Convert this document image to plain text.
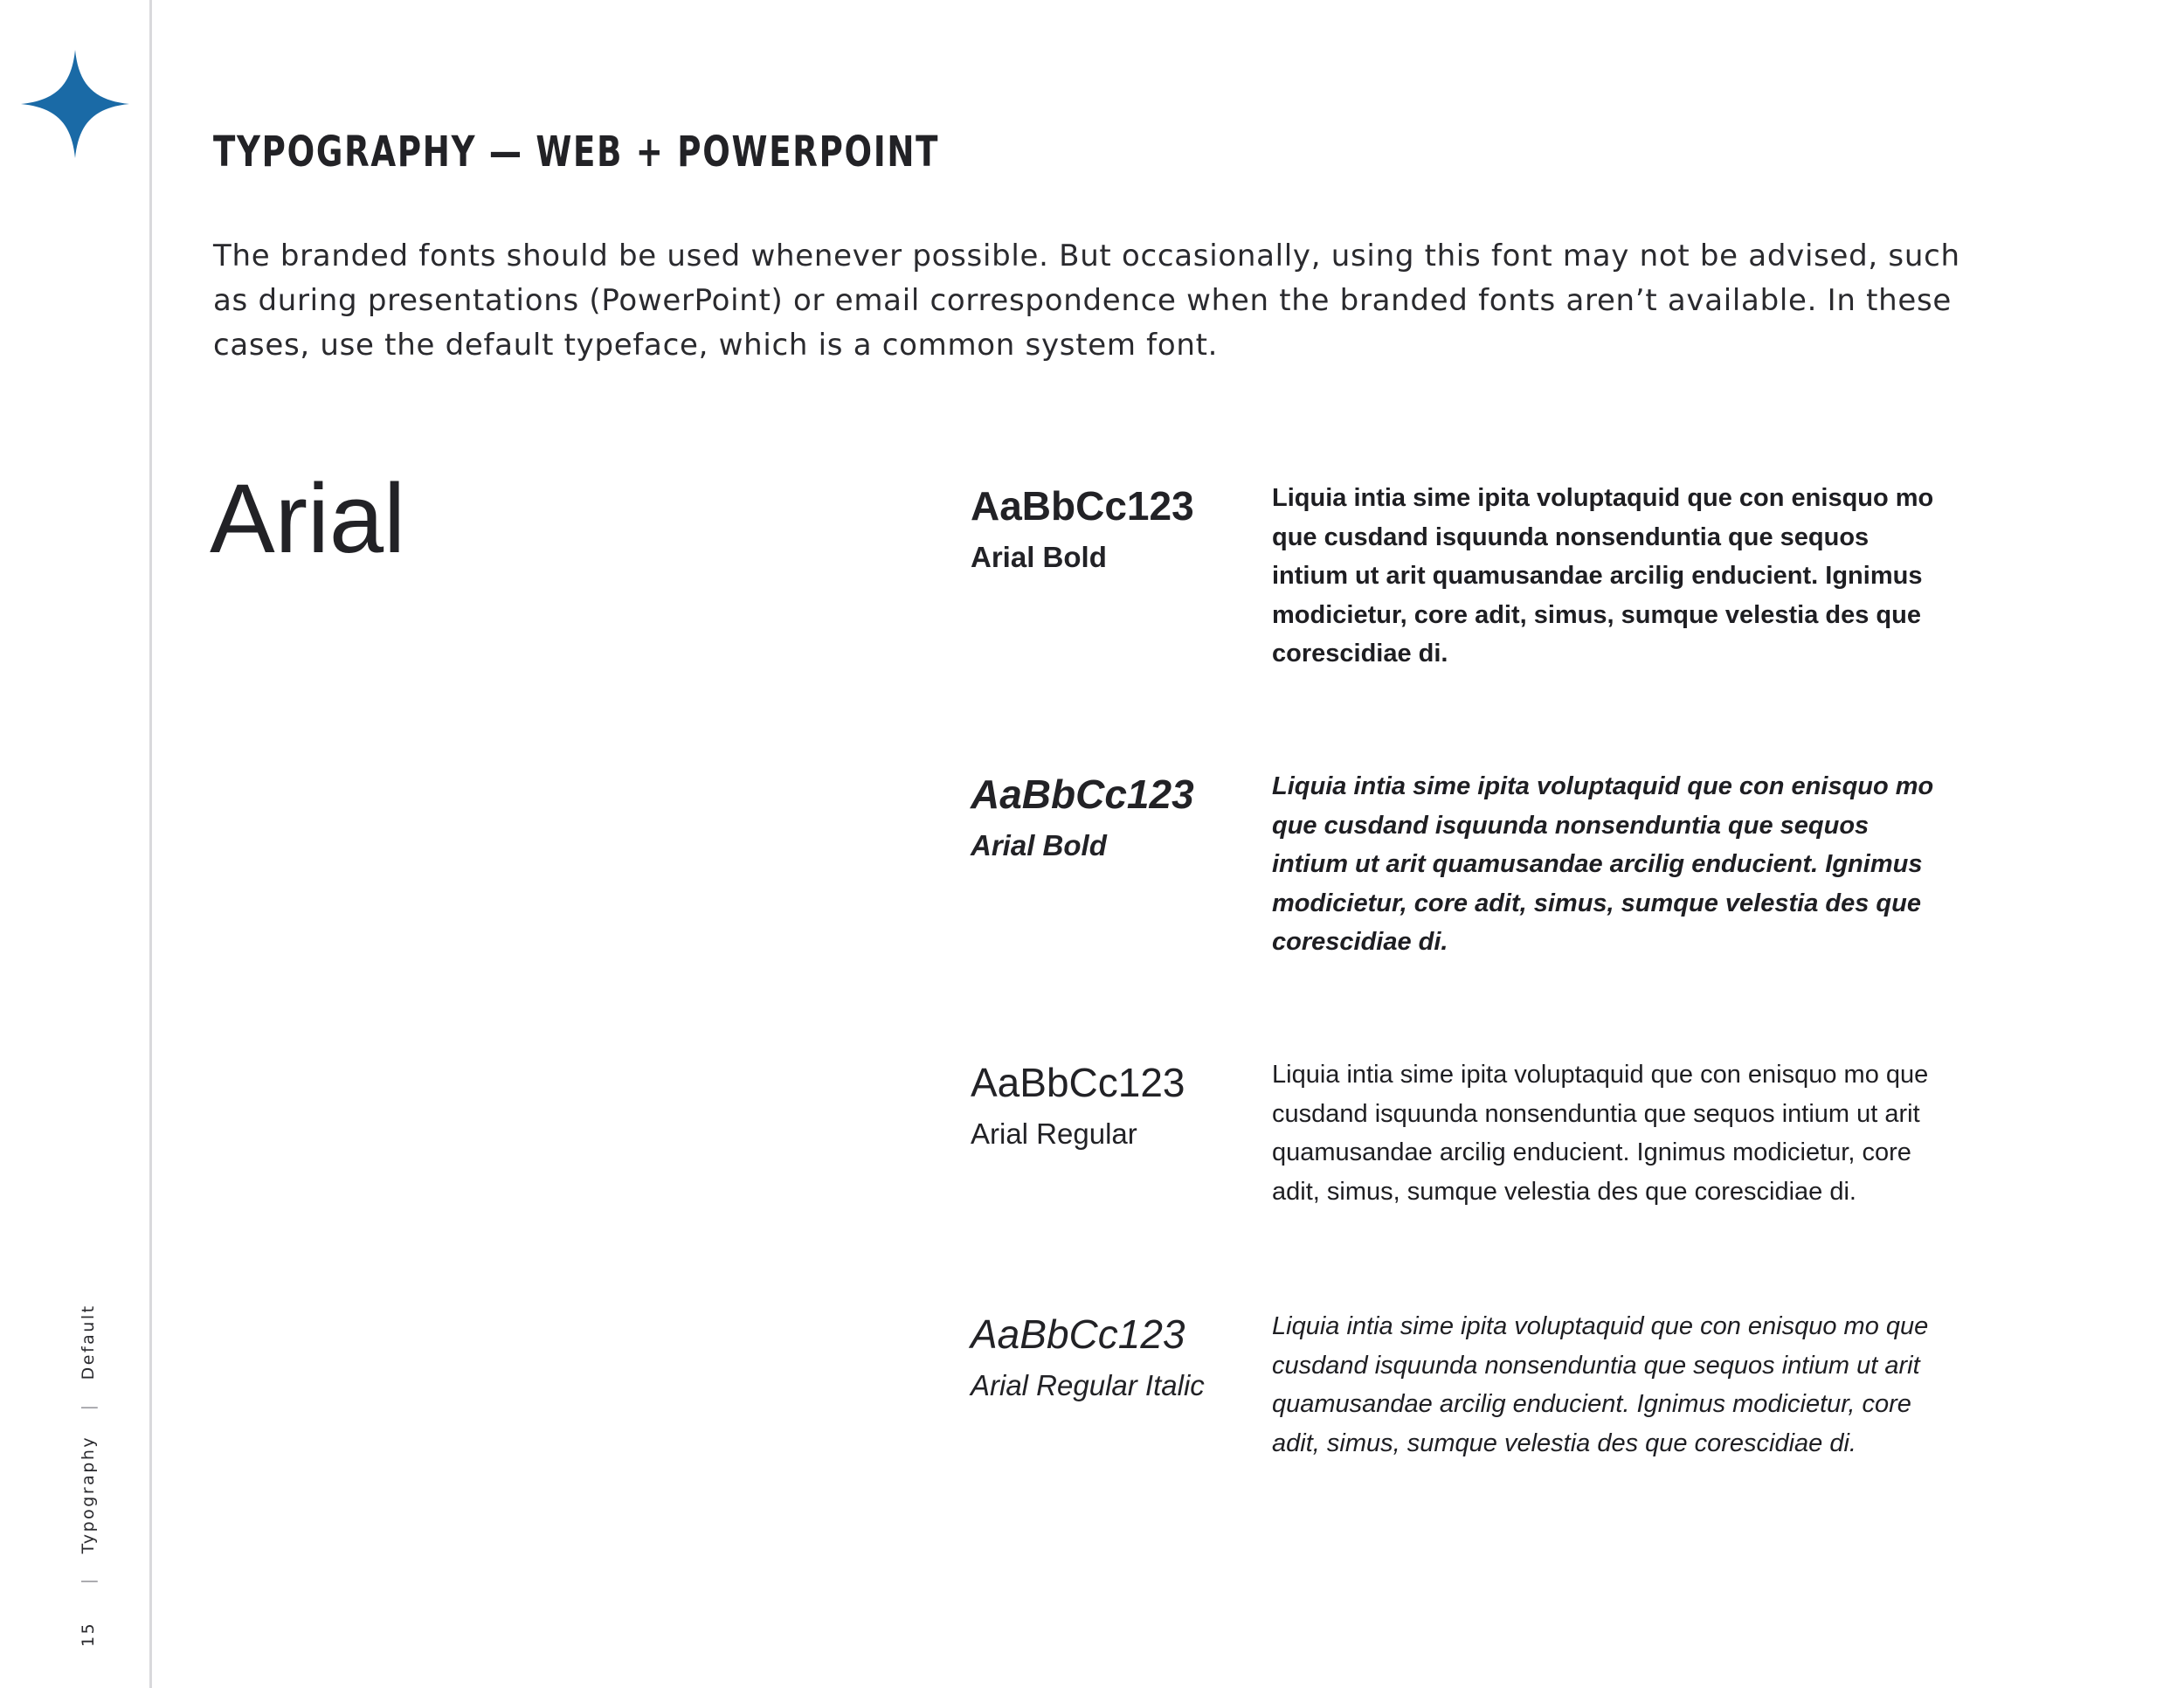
15 | Typography | Default
TYPOGRAPHY — WEB + POWERPOINT

The branded fonts should be used whenever possible. But occasionally, using this font may not be advised, such as during presentations (PowerPoint) or email correspondence when the branded fonts aren’t available. In these cases, use the default typeface, which is a common system font.

Arial	AaBbCc123
Arial Bold

Liquia intia sime ipita voluptaquid que con enisquo mo que cusdand isquunda nonsenduntia que sequos intium ut arit quamusandae arcilig enducient. Ignimus modicietur, core adit, simus, sumque velestia des que corescidiae di.

AaBbCc123
Arial Bold

Liquia intia sime ipita voluptaquid que con enisquo mo que cusdand isquunda nonsenduntia que sequos intium ut arit quamusandae arcilig enducient. Ignimus modicietur, core adit, simus, sumque velestia des que corescidiae di.

AaBbCc123
Arial Regular

Liquia intia sime ipita voluptaquid que con enisquo mo que cusdand isquunda nonsenduntia que sequos intium ut arit quamusandae arcilig enducient. Ignimus modicietur, core adit, simus, sumque velestia des que corescidiae di.

AaBbCc123
Arial Regular Italic

Liquia intia sime ipita voluptaquid que con enisquo mo que cusdand isquunda nonsenduntia que sequos intium ut arit quamusandae arcilig enducient. Ignimus modicietur, core adit, simus, sumque velestia des que corescidiae di.
